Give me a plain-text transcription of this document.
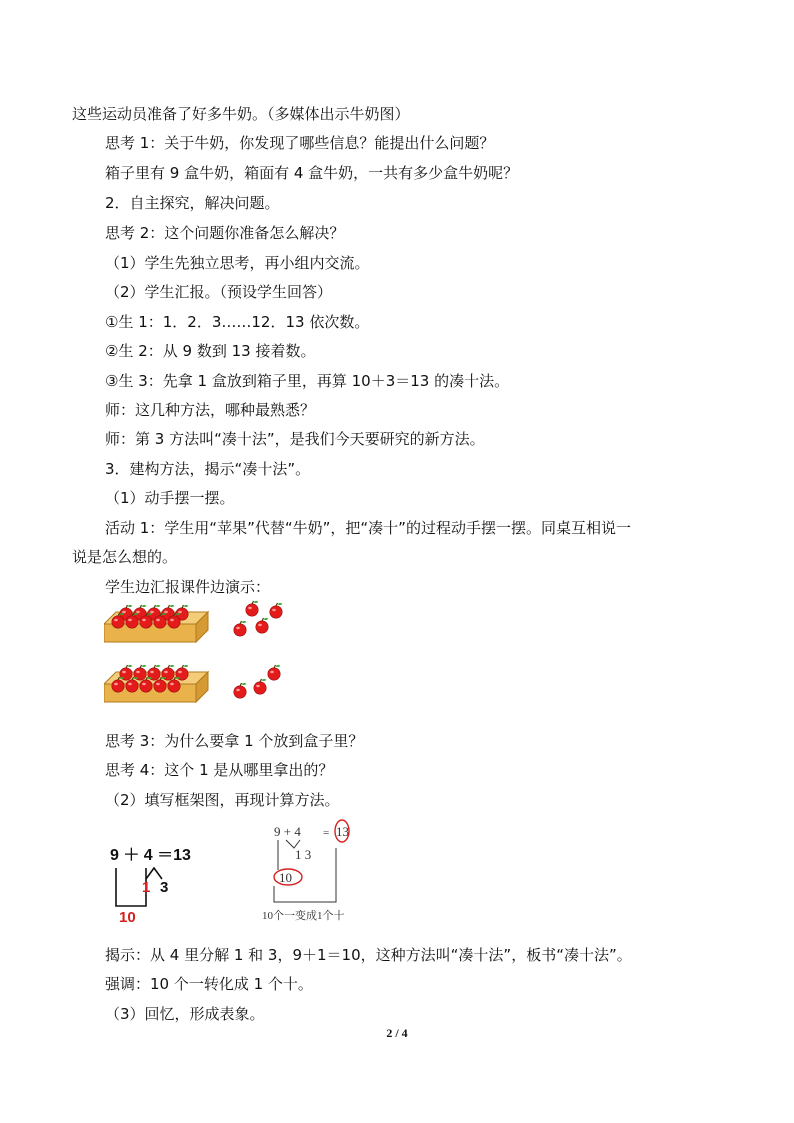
这些运动员准备了好多牛奶。（多媒体出示牛奶图）
思考 1：关于牛奶，你发现了哪些信息？能提出什么问题？
箱子里有 9 盒牛奶，箱面有 4 盒牛奶，一共有多少盒牛奶呢？
2．自主探究，解决问题。
思考 2：这个问题你准备怎么解决？
（1）学生先独立思考，再小组内交流。
（2）学生汇报。（预设学生回答）
①生 1：1．2．3……12．13 依次数。
②生 2：从 9 数到 13 接着数。
③生 3：先拿 1 盒放到箱子里，再算 10＋3＝13 的凑十法。
师：这几种方法，哪种最熟悉？
师：第 3 方法叫“凑十法”，是我们今天要研究的新方法。
3．建构方法，揭示“凑十法”。
（1）动手摆一摆。
活动 1：学生用“苹果”代替“牛奶”，把“凑十”的过程动手摆一摆。同桌互相说一
说是怎么想的。
学生边汇报课件边演示：
思考 3：为什么要拿 1 个放到盒子里？
思考 4：这个 1 是从哪里拿出的？
（2）填写框架图，再现计算方法。
9 ＋ 4 ＝13
1 3
10
9 + 4 = 13
1 3
10
10个一变成1个十
揭示：从 4 里分解 1 和 3，9＋1＝10，这种方法叫“凑十法”，板书“凑十法”。
强调：10 个一转化成 1 个十。
（3）回忆，形成表象。
2 / 4
